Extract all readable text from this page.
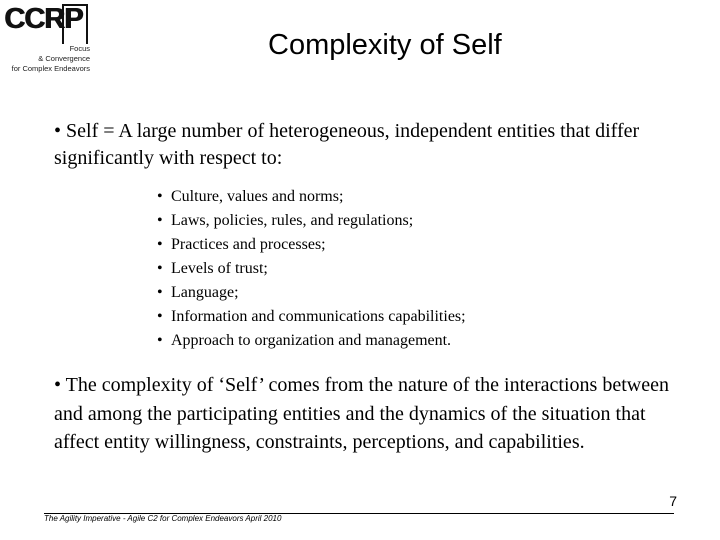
CCRP
Focus
& Convergence
for Complex Endeavors
Complexity of Self
• Self = A large number of heterogeneous, independent entities that differ significantly with respect to:
• Culture, values and norms;
• Laws, policies, rules, and regulations;
• Practices and processes;
• Levels of trust;
• Language;
• Information and communications capabilities;
• Approach to organization and management.
• The complexity of ‘Self’ comes from the nature of the interactions between and among the participating entities and the dynamics of the situation that affect entity willingness, constraints, perceptions, and capabilities.
7
The Agility Imperative - Agile C2 for Complex Endeavors April 2010
